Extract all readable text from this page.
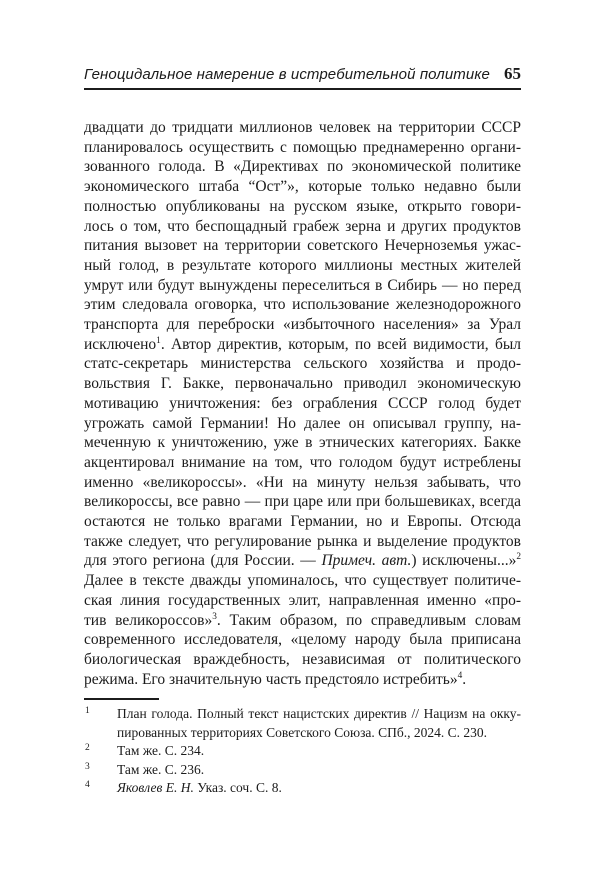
Геноцидальное намерение в истребительной политике 65
двадцати до тридцати миллионов человек на территории СССР
планировалось осуществить с помощью преднамеренно органи-
зованного голода. В «Директивах по экономической политике
экономического штаба “Ост”», которые только недавно были
полностью опубликованы на русском языке, открыто говори-
лось о том, что беспощадный грабеж зерна и других продуктов
питания вызовет на территории советского Нечерноземья ужас-
ный голод, в результате которого миллионы местных жителей
умрут или будут вынуждены переселиться в Сибирь — но перед
этим следовала оговорка, что использование железнодорожного
транспорта для переброски «избыточного населения» за Урал
исключено$^1$. Автор директив, которым, по всей видимости, был
статс-секретарь министерства сельского хозяйства и продо-
вольствия Г. Бакке, первоначально приводил экономическую
мотивацию уничтожения: без ограбления СССР голод будет
угрожать самой Германии! Но далее он описывал группу, на-
меченную к уничтожению, уже в этнических категориях. Бакке
акцентировал внимание на том, что голодом будут истреблены
именно «великороссы». «Ни на минуту нельзя забывать, что
великороссы, все равно — при царе или при большевиках, всегда
остаются не только врагами Германии, но и Европы. Отсюда
также следует, что регулирование рынка и выделение продуктов
для этого региона (для России. — Примеч. авт.) исключены...»$^2$
Далее в тексте дважды упоминалось, что существует политиче-
ская линия государственных элит, направленная именно «про-
тив великороссов»$^3$. Таким образом, по справедливым словам
современного исследователя, «целому народу была приписана
биологическая враждебность, независимая от политического
режима. Его значительную часть предстояло истребить»$^4$.
1	План голода. Полный текст нацистских директив // Нацизм на окку-
пированных территориях Советского Союза. СПб., 2024. С. 230.
2	Там же. С. 234.
3	Там же. С. 236.
4	Яковлев Е. Н. Указ. соч. С. 8.
